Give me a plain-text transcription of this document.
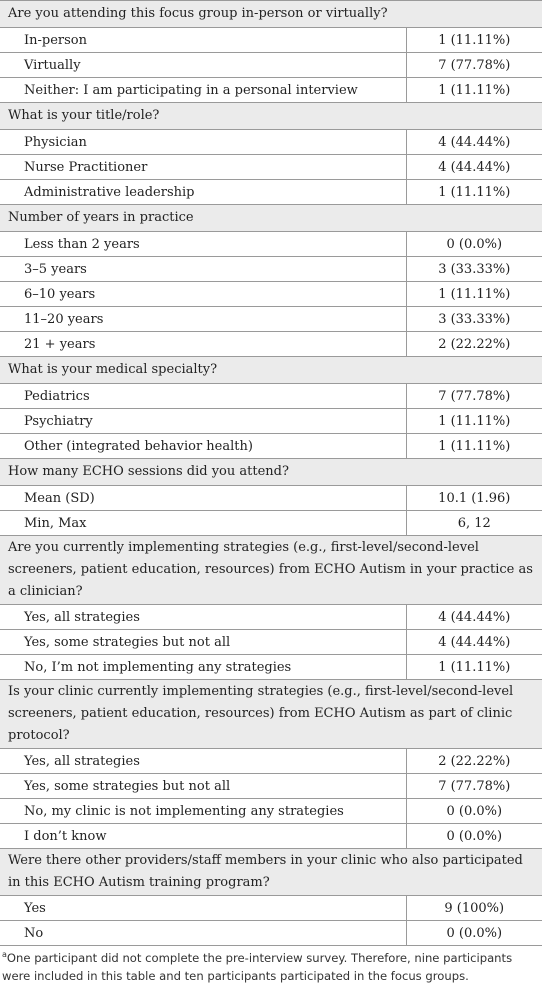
Are you attending this focus group in-person or virtually?	
In-person	1 (11.11%)
Virtually	7 (77.78%)
Neither: I am participating in a personal interview	1 (11.11%)
What is your title/role?	
Physician	4 (44.44%)
Nurse Practitioner	4 (44.44%)
Administrative leadership	1 (11.11%)
Number of years in practice	
Less than 2 years	0 (0.0%)
3–5 years	3 (33.33%)
6–10 years	1 (11.11%)
11–20 years	3 (33.33%)
21 + years	2 (22.22%)
What is your medical specialty?	
Pediatrics	7 (77.78%)
Psychiatry	1 (11.11%)
Other (integrated behavior health)	1 (11.11%)
How many ECHO sessions did you attend?	
Mean (SD)	10.1 (1.96)
Min, Max	6, 12
Are you currently implementing strategies (e.g., first-level/second-level screeners, patient education, resources) from ECHO Autism in your practice as a clinician?	
Yes, all strategies	4 (44.44%)
Yes, some strategies but not all	4 (44.44%)
No, I’m not implementing any strategies	1 (11.11%)
Is your clinic currently implementing strategies (e.g., first-level/second-level screeners, patient education, resources) from ECHO Autism as part of clinic protocol?	
Yes, all strategies	2 (22.22%)
Yes, some strategies but not all	7 (77.78%)
No, my clinic is not implementing any strategies	0 (0.0%)
I don’t know	0 (0.0%)
Were there other providers/staff members in your clinic who also participated in this ECHO Autism training program?	
Yes	9 (100%)
No	0 (0.0%)
$^a$One participant did not complete the pre-interview survey. Therefore, nine participants were included in this table and ten participants participated in the focus groups.
